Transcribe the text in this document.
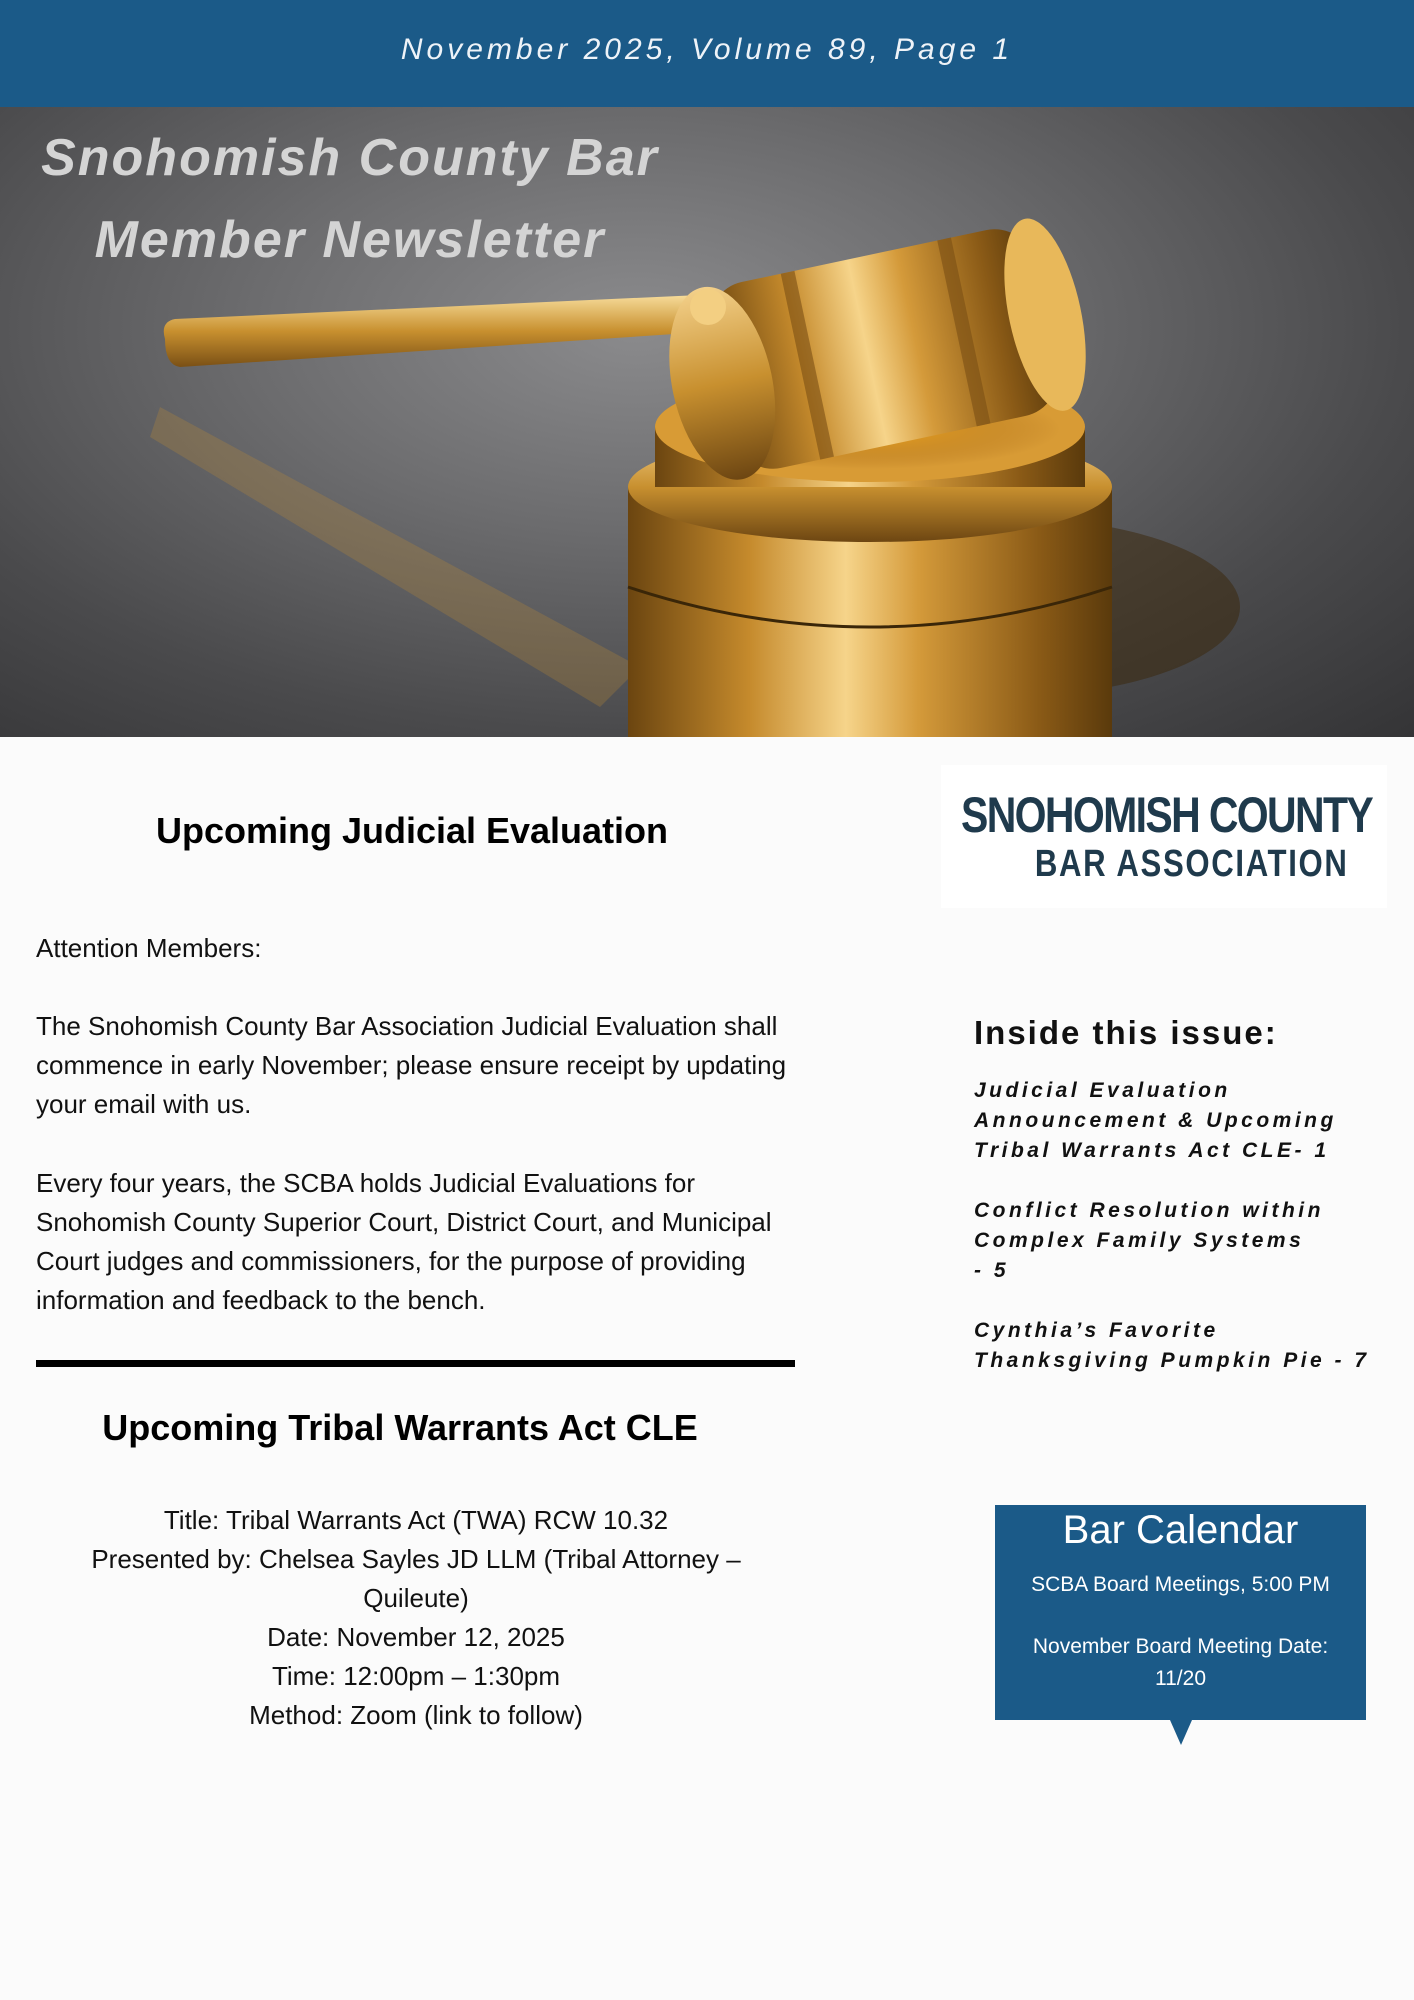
November 2025, Volume 89, Page 1
Snohomish County Bar
Member Newsletter
Upcoming Judicial Evaluation
Attention Members:
The Snohomish County Bar Association Judicial Evaluation shall commence in early November; please ensure receipt by updating your email with us.
Every four years, the SCBA holds Judicial Evaluations for Snohomish County Superior Court, District Court, and Municipal Court judges and commissioners, for the purpose of providing information and feedback to the bench.
Upcoming Tribal Warrants Act CLE
Title: Tribal Warrants Act (TWA) RCW 10.32
Presented by: Chelsea Sayles JD LLM (Tribal Attorney – Quileute)
Date: November 12, 2025
Time: 12:00pm – 1:30pm
Method: Zoom (link to follow)
SNOHOMISH COUNTY
BAR ASSOCIATION
Inside this issue:
Judicial Evaluation Announcement & Upcoming Tribal Warrants Act CLE- 1
Conflict Resolution within Complex Family Systems
- 5
Cynthia’s Favorite Thanksgiving Pumpkin Pie - 7
Bar Calendar
SCBA Board Meetings, 5:00 PM
November Board Meeting Date: 11/20
